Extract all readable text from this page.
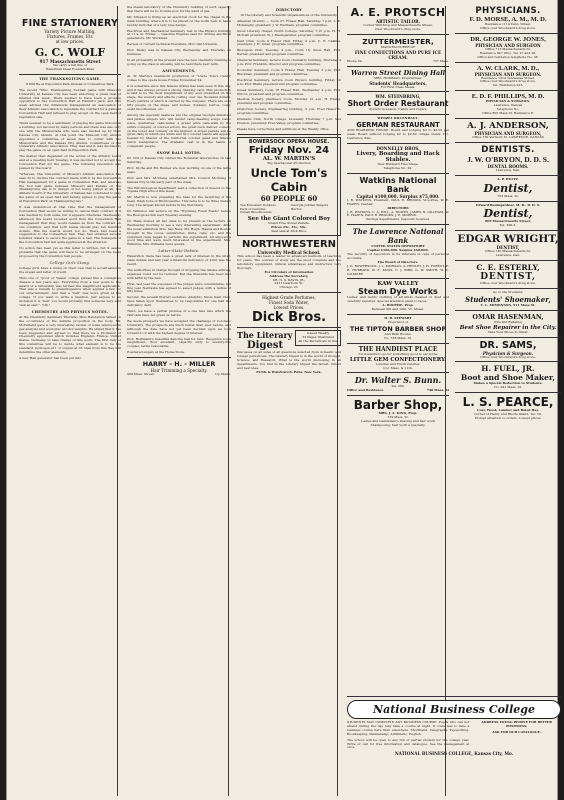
FINE STATIONERY
Variety Picture Matting,
Fixtures, Frames, Etc
at low prices.
G. C. WOLF
917 Massachusetts Street
We carry a full line of
Waterman Ideal Fountain Pens
THE THANKSGIVING GAME.
It Will Be at Exposition Park Instead of Convention Park.

The recent *Ohio Thanksgiving football game with Missouri University at Kansas City has been absorbing a great deal of interest this week. There seemed to have been a growing opposition to the Convention Hall at Hermit's park, and this week advised the intramural management an association of their Athletic Association to repudiate the contract for a game at Convention Hall and refused to play except on the open field of regulation size.

There seemed to be a sentiment of playing the game indoors in a building, not favored by many persons and there was also only one with the Missourians who were also backed up by their Kansas City Alumni. At this point the Missouri City Alumni appointed a committee of seven men to confer with the Missourians and the Kansas City Alumni. Committees of the University Athletic association. They met and it was decided to play the game on an open field in Exposition Park.

The matter then depended on the action of the Athletic board and at a meeting held Tuesday, it was decided not to accept the Convention Hall for the game. The following resolution was passed by the board:

"Whereas, The University of Missouri Athletic association has seen fit to decline the contract made with it by the Convention Hall management for a game in Convention Hall, and whereas the foot ball game between Missouri and Kansas on the Thanksgiving day is in danger of not being played at all, the Athletic board of the University of Kansas has concluded to play the game on an open field and hereby agrees to play the game at Exposition Park on Thanksgiving day."

It was understood at that time that the management of Convention Hall would be willing to cancel their contract if it was desired by both sides, but it appears otherwise. Wednesday afternoon the board received word from the Convention Hall management that they would release as from the contract on one condition, and that both teams should play ten hundred dollars. This the boards would not do. There had been a suggestion to the Convention hall. They had obtained several hundred dollars to secure the game in a hall. The managers of the Convention hall felt quite aggrieved at the situation.

No action has been yet as this letter is written, but it seems probable that the game will have to be arranged on the basis proposed by the Convention hall people.

College Girls Stung.

College girls have a stung on their own that is accentuated in the slogan and letter of credit.

Thus one of "good ol' Vassar college spread like a contagious disease a few years ago. Everything from a new gown to the award of a fellowship was termed the magnificent application. That was a remark to grandiloquence when applied a few for our entertainment. And that a "bell" was more given at the college. If you want to write a mention, just expose to an inclusion it is "bell" you would probably find someone very said "ask as said ". "Qh."

CHEMISTRY AND PHYSICS NOTES.

At the Chemistry Seminary Thursday Miss Henderson talked on the occurrence of the definite proportion in the body. Mr. McFarland gave a very interesting review of some employed in gas analysis and economic Alcohol weights. He stated that it has been suggested and agreed to that there be a Professor of Chemistry appointed which includes England, France, United States, Germany, to take charge of this work. The first duty of this committee will be to decide what element is to be the standard, hydrogen at 1 or oxygen at 16, then from this they will determine the other elements.

A new Hall generator has been put into

the steam laboratory of the Chemistry building of such capacity that there will be no trouble now for the want of gas.

Mr. Simpson is fixing up an electrical clock for the chapel in the main building, where it is to be placed on the north wall. It has a twenty-inch dial of a very nice design.

Electrical and Mechanical Seminary met in the Physics building at 11 a. m. Friday. ... Gasoline Engines used for driving electrical generators, Mr. Workman.

Review of current technical literature, Mrs. Van Uzweren.

Prof. Bailey was in Kansas City Wednesday and Thursday on business.

In all probability at the present rate the new chemistry building is going up the class is amusing will be held there next term.

AMUSEMENTS.

Al. W. Martin's mammoth production of "Uncle Tom's Cabin" comes to the opera house Friday, November 24.

It is sometime since this famous drama has been seen in this city, and it has always proved a strong drawing card. This production is said to be the most magnificent of any ever presented on the stage, the scenery and effects costing over one thousand dollars. Every particle of which is carried by the company. There are over fifty people on the stage, and horses, donkeys, burros, cows, eight bloodhounds, etc.

Among the specialty features are the original Georgia minstrels and jubilee singers who will render camp-meeting songs, banjo solos, quartettes, cake-walks, a grand prize cake-walk by the entire company of colored actors, the great buck dancer, comedy on the lower and comedy on the highest. A street parade will be given daily in which one white and two colored bands will appear, headed by Master of the California colored giant and famous baton manipulator. The dramatic cast is in the hands of competent people.

SNOW BALL NOTES.

Dr. Ord of Kansas City visited the Botanical laboratories on last Saturday.

Prof. Dyche and Mr. Bunker are now working on one of the large seals.

Prof. and Mrs. McClung entertained Mrs. Council McClung of Kansas City in the early part of the week.

The Entomological department sent a collection of insects to the Topeka High school this week.

Mr. Martin is now preparing the base for the mounting of the head, thigh bone of Brontosaurus. This bone is to be three meters long. The largest known before in the Sternberg.

Dr. Williston will lecture on the "Wyoming Fossil Fields" before the Biological club next Tuesday evening.

Dr. Haile invited all her class to be present at the lecture on Wednesday morning to see a very interesting experiment. After the usual exhibition Mrs. Van Ness, Mr. Hugh, Hawes and Boston brought in the cocoa, sandwiches, fruits, cake, etc. and the surprised class began to perform the experiment. All enjoyed a good time and were much interested in the experiment. Mrs. Williston, Mrs. Williams were guests.

Latter-State-Debate.

Haverstick there has been a great lack of interest in the inter-state debate and last year a financial deficiency of $100 was the result.

The authorities in charge thought of dropping the debate entirely, expenses could not be reduced. But the Stewards has been met with $800 by the new.

First, last year the expenses of the judges were considerable, but this year Nebraska has agreed to select judges with a radius of fifty miles.

Second, the several literary societies, Adelphic, Snow, Kent Club, have taken upon themselves to be responsible for one half the deficiency debt.

Third, we have a partial promise of a one fare rate which the railroads have not given us before.

We deem prospects we have accepted the challenge of Colorado University. The prospects are much better than ever before, and although the date have not yet been decided upon we look forward to it with the highest degree of interest.

Prof. Hoffmann's beautiful dancing hall for rent. Reception room magnificent, floor excellent, capacity sixty to seventy-five couples; terms reasonable.

Powdered sugars at the Home Store.

HARRY - H. - MILLER
Hair Trimming a Specialty.
909 Mass. Street.	Up Stairs.
DIRECTORY

Of the Literary and Scientific Organizations of the University.

Athenian Literary — room 27, Fraser Hall. Saturday 7 p.m. L. E. McGaughy, president; J. W. Eastham, program committee.

Snow Literary chapel, North College, Saturday 7:15 p.m. H. H. McNish president; W. J. Baumgardner, program committee.

Kent Club, room 9 Fraser Hall, Friday 4 p.m. C. E. Calkins, president; J. H. Tolan, program committee.

Biological Club, Tuesday, 4 p.m., room 16, Snow Hall. Prof. Barber, president and program committee.

Chemical Seminary, lecture room chemistry building. Thursday 4 p.m. Prof. Franklin, director and program committee.

Economic Seminary, room 9 Fraser Hall, Tuesday 3 p.m. Prof. Blackmar, president and program committee.

Electrical Seminary, lecture room Physics building, Friday 10 a.m. Prof. Blake president and program committee.

Greek Seminary, room 18 Fraser Hall, Wednesday 4 p.m. Prof. Wilcox, president and program committee.

Medical Society, pharmacy room. Monday 10 a.m. H. Ewing, president and program committee.

Oratorical Society, Engineering building, 3 p.m. Fred Haworth, program committee.

Dramatic Club, North college, bi-weekly Thursday 7 p.m. Sed Preston, president; Fred Vahey, program committee.

Please have corrections and additions at the Weekly office.

BOWERSOCK OPERA HOUSE.
Friday Nov. 24
AL. W. MARTIN'S
Big Spectacular Production
Uncle Tom's Cabin
60 PEOPLE 60
Ten Educated Donkeys
Pack of Genuine
Cuban Bloodhounds
Georgia Jubilee Singers
Burros
See the Giant Colored Boy
Grand Free Street Parade.
Prices 25c, 35c, 50c.
Seat sale at Dick Bros.
NORTHWESTERN
University Medical School.

This school has been a leader in advanced methods of teaching for years. The courses of study are the most complete and the laboratory equipment, clinical advantages and instruction very thorough.

For Circulars of information
Address the Secretary,
DR. N. S. DAVIS, JR.,
2431 Dearborn St.
Chicago, Ill.
Highest Grade Perfumes,
Finest Soda Water,
Lowest Prices.
Dick Bros.
The Literary
Digest
Issued Weekly
32 Pages Illustrated
All the Periodicals in One

Discusses on all sides of all questions selected from domestic and foreign periodicals. The Literary Digest is in the world of thought. Science, and Research. What is the world discussing in all departments. You find in the Literary Digest the fairest, fullest and best idea.

FUNK & WAGNALLS, Pubs. New York.
A. E. PROTSCH
ARTISTIC TAILOR.
Corner Winthrop and Massachusetts Street,
Over Woodward's drug store.
ZUTTERMEISTER,
MANUFACTURER OF
FINE CONFECTIONS AND PURE ICE CREAM.
Phone 64.	737 Mass.
Warren Street Dining Hall
MRS. HOMMAN, Proprietress.
Students' Headquarters.
For First Class Meals.
WM. STEINBRING,
Short Order Restaurant
Oysters in season. Candy and Cigars.
WENZEL DILLENHAUL.
GERMAN RESTAURANT

AND BOARDING HOUSE. Board and lodging $3 to $3.50 per week. Board without lodging $2 to $2.50. Single meals 15c. Lawrence, Kan.

DONNELLY BROS.
Livery, Boarding and Hack Stables.
New Hubbard Fine Stage.
Telephone No. 29.
Watkins National Bank
Capital $100,000. Surplus $75,000.

J. B. WATKINS, President. PAUL R. BROOKS, Vice-Pres. W. E. HAZEN, Cashier.

DIRECTORS

J. B. WATKINS, C. A. HILL, A. HOWES, JAMES H. GILLHAM, W. E. HAZEN, PAUL R. BROOKS, J. E. MORRIS.

Savings departments. Deposits received.
The Lawrence National Bank
UNITED STATES DEPOSITORY
Capital $100,000. Surplus $50,000.

The security of depositors in its Interests in care of personal Accounts.

The Board of Directors.

J. D. BOWERSOCK, J. L. MORGAN, A. HENLEY, J. H. FOREST, E. R. HUBBARD, W. E. KNOX, C. J. BIRD, G. W. SMITH, W. C. GILMORE.

KAW VALLEY
Steam Dye Works

Ladies' and Gents' clothing of all kinds cleaned or dyed and carefully repaired. Special attention given to laces.

A. ROOTHE, Prop.
Between 9th and 10th, Vt. Street.
H. R. STEWART
Proprietor of
THE TIPTON BARBER SHOP
And Bath Rooms.
No. 728 Mass. St.
THE HANDIEST PLACE
for students to go for something good to eat is the
LITTLE GEM CONFECTIONERY.
Lunches and Fresh Candies.
Cor. Mass. & 11th.
Dr. Walter S. Bunn.
Tel. 266.
Office and Residence	740 Mass. St
Barber Shop,
MRS. J. A. KING, Prop.
739 Mass. St.
Ladies and Gentlemen's shaving and hair work
Shampooing, hair work a specialty.
PHYSICIANS.
F. D. MORSE, A. M., M. D.
Residence 1114 Tenn. Street.
Office over Woodward's drug store.
DR. GEORGE W. JONES,
PHYSICIAN AND SURGEON
Office 713 Massachusetts St.
Residence 847 Ohio. Tel. 27 and 28.
Office and residence telephone No. 38.
A. W. CLARK, M. D.,
PHYSICIAN AND SURGEON.
Residence 1314 Tennessee Street.
Office over Woodward's drug store.
Tel. Residence 223.
E. D. F. PHILLIPS, M. D.
PHYSICIAN & SURGEON.
Lawrence, Kansas
Telephone No.
Office 805 Mass St. Residence 8.
A. J. ANDERSON,
PHYSICIAN AND SURGEON,
Office 730 Vermont St. LAWRENCE, KANSAS
DENTISTS.
J. W. O'BRYON, D. D. S.
DENTAL ROOMS.
Lawrence, Kan.
A. P. HULTZ.
Dentist,
703 Mass. St.
Edward Baumgardner, M. D., D. D. S.
Dentist,
809 Massachusetts Street,
Tel. 296-3.
EDGAR WRIGHT,
DENTIST,
Office 745 Massachusetts St.
Lawrence, Kan.
C. E. ESTERLY,
DENTIST,
Office over Woodward's drug store.
Go to the Students'
Students' Shoemaker,
C. L. EDMONSON, 911 Mass St.
OMAR HASENMAN,
(The Old Reliable)
Best Shoe Repairer in the City.
Take Your Shoes to Omar.
DR. SAMS,
Physician & Surgeon.
Office over Woodward's drug store.
H. FUEL, JR.
Boot and Shoe Maker,
Makes a Special Reduction to Students.
No. 941 Mass. St.
L. S. PEARCE,
Coal, Wood, Lumber and Baled Hay.
Corner of Henry and Rhode Island, Tel. 50.
Prompt attention to orders. Lowest prices.
National Business College

STUDENTS MAY COMPLETE ANY BUSINESS COURSE. Pupils who can not attend during the day may take a course at night. It costs less to take a business course here than elsewhere. Shorthand, Telegraphy, Typewriting, Bookkeeping, Penmanship, Arithmetic, English.

The school will be open to any full or partial student for the college year. Write or call for free information and catalogue. See the management at once.

ADDRESS YOUNG PEOPLE FOR BETTER POSITIONS.
ASK FOR OUR CATALOGUE.
NATIONAL BUSINESS COLLEGE, Kansas City, Mo.
